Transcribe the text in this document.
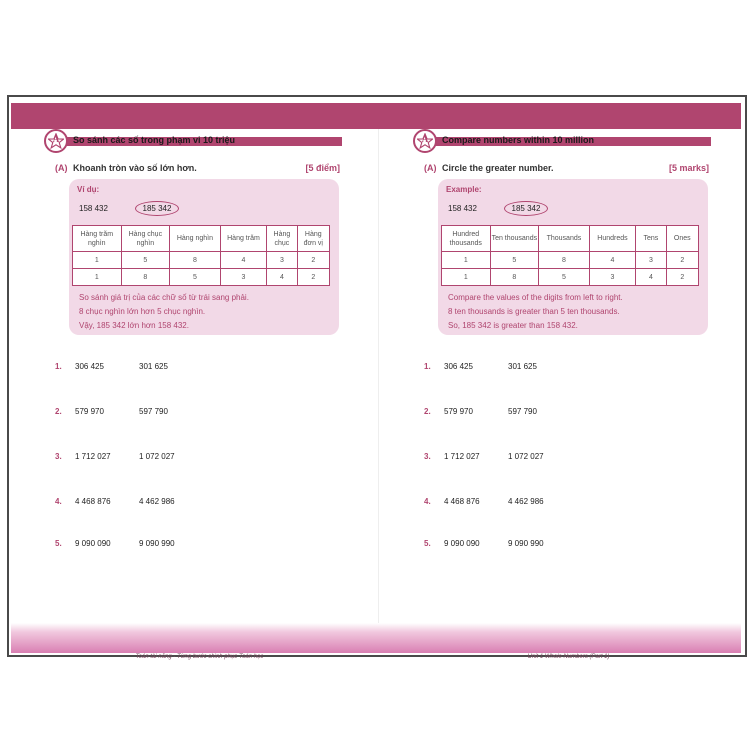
So sánh các số trong phạm vi 10 triệu
A
(A) Khoanh tròn vào số lớn hơn.	[5 điểm]
Ví dụ:
158 432	185 342
Hàng trăm nghìn	Hàng chục nghìn	Hàng nghìn	Hàng trăm	Hàng chục	Hàng đơn vị
1	5	8	4	3	2
1	8	5	3	4	2
So sánh giá trị của các chữ số từ trái sang phải.
8 chục nghìn lớn hơn 5 chục nghìn.
Vậy, 185 342 lớn hơn 158 432.
1. 306 425	301 625
2. 579 970	597 790
3. 1 712 027	1 072 027
4. 4 468 876	4 462 986
5. 9 090 090	9 090 990
Toán tài năng - Từng bước chinh phục Toán học
Compare numbers within 10 million
A
(A) Circle the greater number.	[5 marks]
Example:
158 432	185 342
Hundred thousands	Ten thousands	Thousands	Hundreds	Tens	Ones
1	5	8	4	3	2
1	8	5	3	4	2
Compare the values of the digits from left to right.
8 ten thousands is greater than 5 ten thousands.
So, 185 342 is greater than 158 432.
1. 306 425	301 625
2. 579 970	597 790
3. 1 712 027	1 072 027
4. 4 468 876	4 462 986
5. 9 090 090	9 090 990
Unit 1 Whole Numbers (Part 1)
